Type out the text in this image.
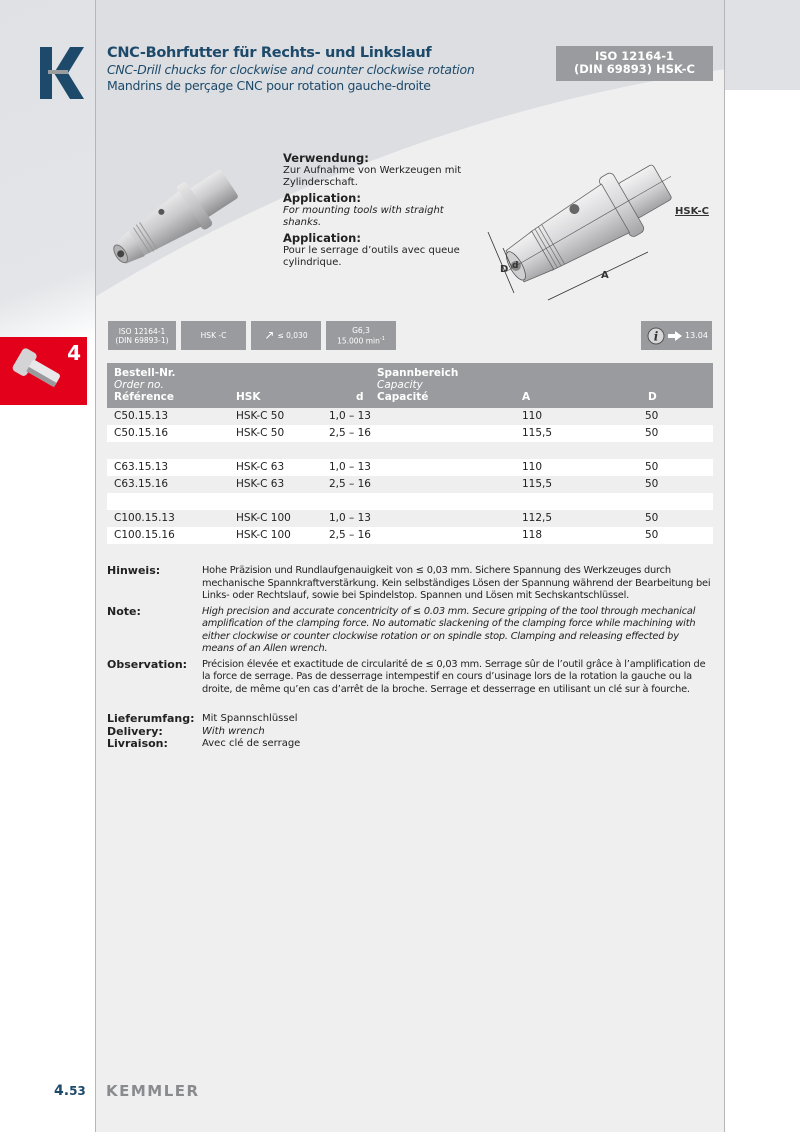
CNC-Bohrfutter für Rechts- und Linkslauf
CNC-Drill chucks for clockwise and counter clockwise rotation
Mandrins de perçage CNC pour rotation gauche-droite
ISO 12164-1
(DIN 69893) HSK-C
Verwendung:
Zur Aufnahme von Werkzeugen mit Zylinderschaft.
Application:
For mounting tools with straight shanks.
Application:
Pour le serrage d’outils avec queue cylindrique.
D d
A
HSK-C
4
ISO 12164-1
(DIN 69893-1)	HSK -C	↗ ≤ 0,030
G6,3
15.000 $\min^{-1}$	i	13.04
Bestell-Nr.
Order no.
Référence	HSK	d
Spannbereich
Capacity
Capacité	A	D
C50.15.13	HSK-C 50	1,0 – 13	110	50
C50.15.16	HSK-C 50	2,5 – 16	115,5	50
C63.15.13	HSK-C 63	1,0 – 13	110	50
C63.15.16	HSK-C 63	2,5 – 16	115,5	50
C100.15.13	HSK-C 100	1,0 – 13	112,5	50
C100.15.16	HSK-C 100	2,5 – 16	118	50
Hinweis:	Hohe Präzision und Rundlaufgenauigkeit von ≤ 0,03 mm. Sichere Spannung des Werkzeuges durch mechanische Spannkraftverstärkung. Kein selbständiges Lösen der Spannung während der Bearbeitung bei Links- oder Rechtslauf, sowie bei Spindelstop. Spannen und Lösen mit Sechskantschlüssel.
Note:	High precision and accurate concentricity of ≤ 0.03 mm. Secure gripping of the tool through mechanical amplification of the clamping force. No automatic slackening of the clamping force while machining with either clockwise or counter clockwise rotation or on spindle stop. Clamping and releasing effected by means of an Allen wrench.
Observation:	Précision élevée et exactitude de circularité de ≤ 0,03 mm. Serrage sûr de l’outil grâce à l’amplification de la force de serrage. Pas de desserrage intempestif en cours d’usinage lors de la rotation la gauche ou la droite, de même qu’en cas d’arrêt de la broche. Serrage et desserrage en utilisant un clé sur à fourche.
Lieferumfang: Mit Spannschlüssel
Delivery:	With wrench
Livraison:	Avec clé de serrage
4.53 KEMMLER
